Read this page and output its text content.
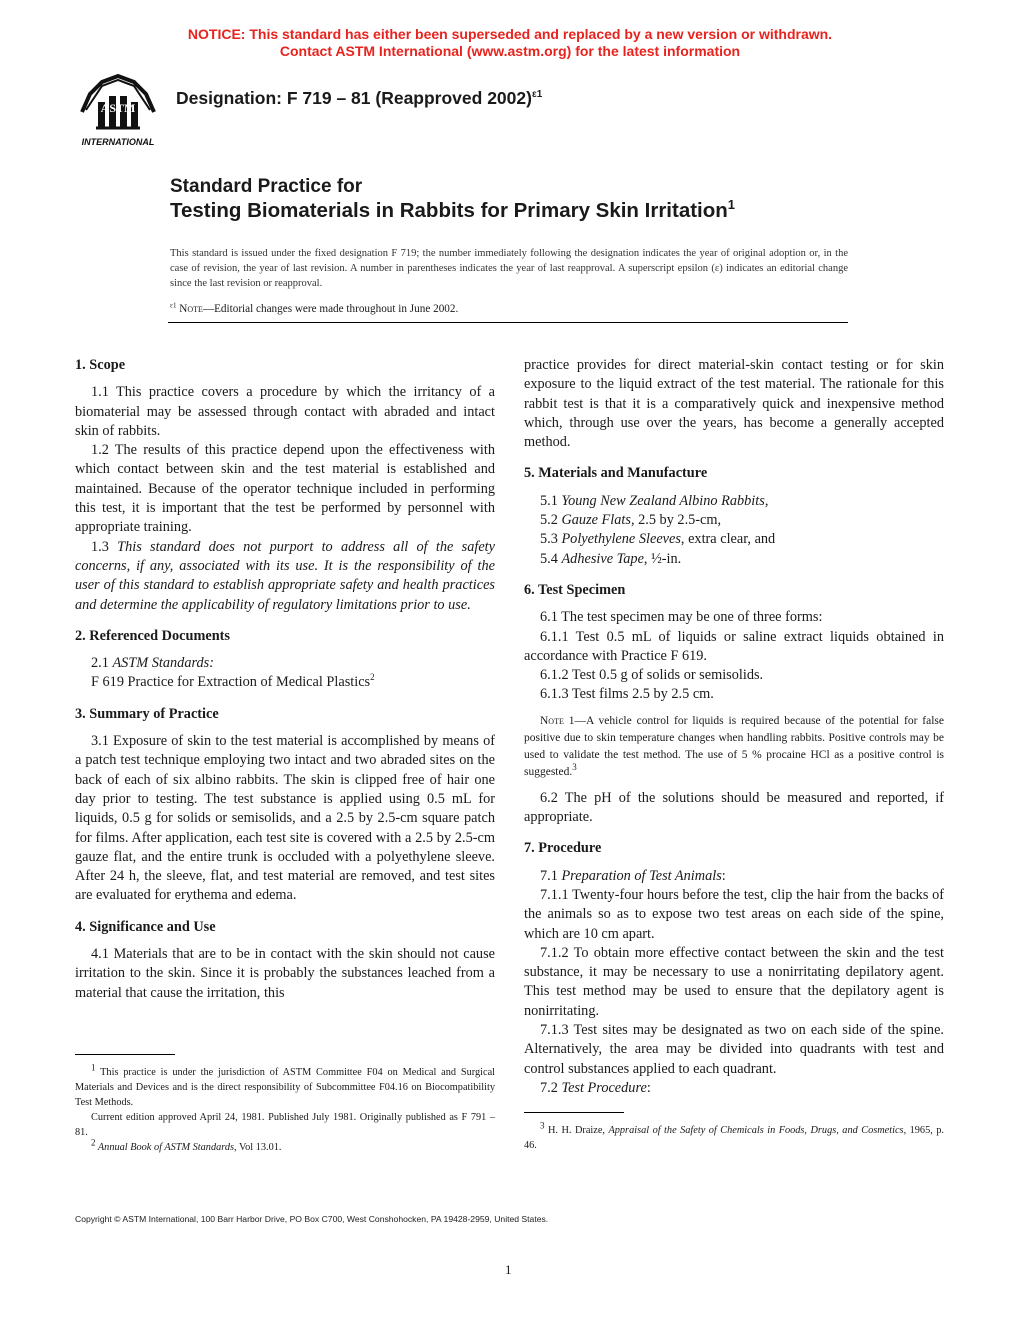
NOTICE: This standard has either been superseded and replaced by a new version or withdrawn.
Contact ASTM International (www.astm.org) for the latest information
ASTM
INTERNATIONAL
Designation: F 719 – 81 (Reapproved 2002)$^{\varepsilon 1}$
Standard Practice for
Testing Biomaterials in Rabbits for Primary Skin Irritation$^1$
This standard is issued under the fixed designation F 719; the number immediately following the designation indicates the year of original adoption or, in the case of revision, the year of last revision. A number in parentheses indicates the year of last reapproval. A superscript epsilon (ε) indicates an editorial change since the last revision or reapproval.
$^{\varepsilon 1}$ Note—Editorial changes were made throughout in June 2002.
1. Scope

1.1 This practice covers a procedure by which the irritancy of a biomaterial may be assessed through contact with abraded and intact skin of rabbits.

1.2 The results of this practice depend upon the effectiveness with which contact between skin and the test material is established and maintained. Because of the operator technique included in performing this test, it is important that the test be performed by personnel with appropriate training.

1.3 This standard does not purport to address all of the safety concerns, if any, associated with its use. It is the responsibility of the user of this standard to establish appropriate safety and health practices and determine the applicability of regulatory limitations prior to use.

2. Referenced Documents

2.1 ASTM Standards:

F 619 Practice for Extraction of Medical Plastics$^2$

3. Summary of Practice

3.1 Exposure of skin to the test material is accomplished by means of a patch test technique employing two intact and two abraded sites on the back of each of six albino rabbits. The skin is clipped free of hair one day prior to testing. The test substance is applied using 0.5 mL for liquids, 0.5 g for solids or semisolids, and a 2.5 by 2.5-cm square patch for films. After application, each test site is covered with a 2.5 by 2.5-cm gauze flat, and the entire trunk is occluded with a polyethylene sleeve. After 24 h, the sleeve, flat, and test material are removed, and test sites are evaluated for erythema and edema.

4. Significance and Use

4.1 Materials that are to be in contact with the skin should not cause irritation to the skin. Since it is probably the substances leached from a material that cause the irritation, this

$^1$ This practice is under the jurisdiction of ASTM Committee F04 on Medical and Surgical Materials and Devices and is the direct responsibility of Subcommittee F04.16 on Biocompatibility Test Methods.

Current edition approved April 24, 1981. Published July 1981. Originally published as F 791 – 81.

$^2$ Annual Book of ASTM Standards, Vol 13.01.

practice provides for direct material-skin contact testing or for skin exposure to the liquid extract of the test material. The rationale for this rabbit test is that it is a comparatively quick and inexpensive method which, through use over the years, has become a generally accepted method.

5. Materials and Manufacture

5.1 Young New Zealand Albino Rabbits,

5.2 Gauze Flats, 2.5 by 2.5-cm,

5.3 Polyethylene Sleeves, extra clear, and

5.4 Adhesive Tape, ½-in.

6. Test Specimen

6.1 The test specimen may be one of three forms:

6.1.1 Test 0.5 mL of liquids or saline extract liquids obtained in accordance with Practice F 619.

6.1.2 Test 0.5 g of solids or semisolids.

6.1.3 Test films 2.5 by 2.5 cm.

Note 1—A vehicle control for liquids is required because of the potential for false positive due to skin temperature changes when handling rabbits. Positive controls may be used to validate the test method. The use of 5 % procaine HCl as a positive control is suggested.$^3$

6.2 The pH of the solutions should be measured and reported, if appropriate.

7. Procedure

7.1 Preparation of Test Animals:

7.1.1 Twenty-four hours before the test, clip the hair from the backs of the animals so as to expose two test areas on each side of the spine, which are 10 cm apart.

7.1.2 To obtain more effective contact between the skin and the test substance, it may be necessary to use a nonirritating depilatory agent. This test method may be used to ensure that the depilatory agent is nonirritating.

7.1.3 Test sites may be designated as two on each side of the spine. Alternatively, the area may be divided into quadrants with test and control substances applied to each quadrant.

7.2 Test Procedure:

$^3$ H. H. Draize, Appraisal of the Safety of Chemicals in Foods, Drugs, and Cosmetics, 1965, p. 46.

Copyright © ASTM International, 100 Barr Harbor Drive, PO Box C700, West Conshohocken, PA 19428-2959, United States.
1
